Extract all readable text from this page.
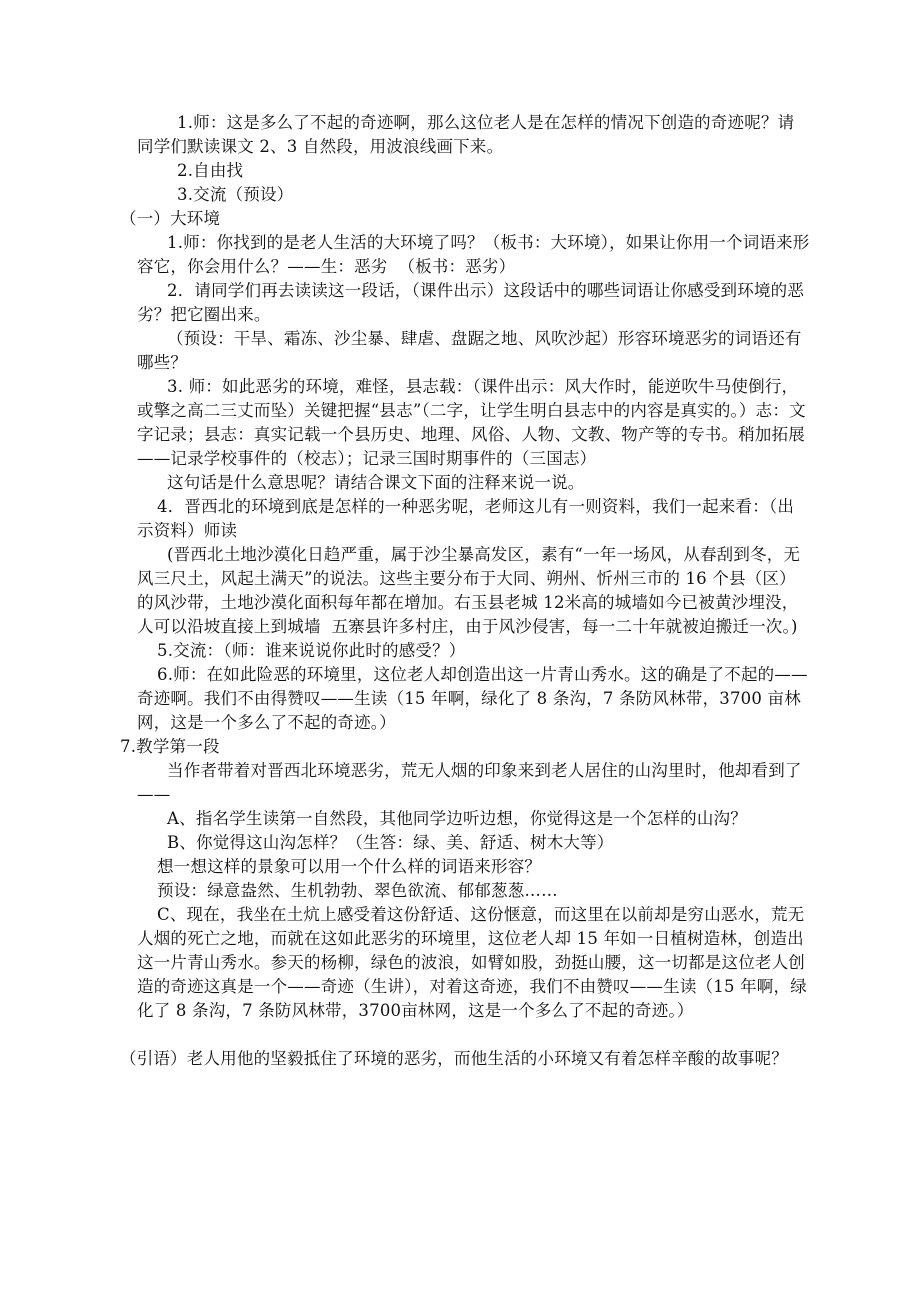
1.师：这是多么了不起的奇迹啊，那么这位老人是在怎样的情况下创造的奇迹呢？请同学们默读课文 2、3 自然段，用波浪线画下来。

2.自由找

3.交流（预设）

（一）大环境

1.师：你找到的是老人生活的大环境了吗？（板书：大环境），如果让你用一个词语来形容它，你会用什么？——生：恶劣  （板书：恶劣）

2．请同学们再去读读这一段话，（课件出示）这段话中的哪些词语让你感受到环境的恶劣？把它圈出来。

（预设：干旱、霜冻、沙尘暴、肆虐、盘踞之地、风吹沙起）形容环境恶劣的词语还有哪些？

3. 师：如此恶劣的环境，难怪，县志载：（课件出示：风大作时，能逆吹牛马使倒行，或擎之高二三丈而坠）关键把握“县志”（二字，让学生明白县志中的内容是真实的。）志：文字记录；县志：真实记载一个县历史、地理、风俗、人物、文教、物产等的专书。稍加拓展——记录学校事件的（校志）；记录三国时期事件的（三国志）

这句话是什么意思呢？请结合课文下面的注释来说一说。

4．晋西北的环境到底是怎样的一种恶劣呢，老师这儿有一则资料，我们一起来看：（出示资料）师读

(晋西北土地沙漠化日趋严重，属于沙尘暴高发区，素有“一年一场风，从春刮到冬，无风三尺土，风起土满天”的说法。这些主要分布于大同、朔州、忻州三市的 16 个县（区）的风沙带，土地沙漠化面积每年都在增加。右玉县老城 12米高的城墙如今已被黄沙埋没，人可以沿坡直接上到城墙  五寨县许多村庄，由于风沙侵害，每一二十年就被迫搬迁一次。)

5.交流：（师：谁来说说你此时的感受？）

6.师：在如此险恶的环境里，这位老人却创造出这一片青山秀水。这的确是了不起的——奇迹啊。我们不由得赞叹——生读（15 年啊，绿化了 8 条沟，7 条防风林带，3700 亩林网，这是一个多么了不起的奇迹。）

7.教学第一段

当作者带着对晋西北环境恶劣，荒无人烟的印象来到老人居住的山沟里时，他却看到了——

A、指名学生读第一自然段，其他同学边听边想，你觉得这是一个怎样的山沟？

B、你觉得这山沟怎样？（生答：绿、美、舒适、树木大等）

想一想这样的景象可以用一个什么样的词语来形容？

预设：绿意盎然、生机勃勃、翠色欲流、郁郁葱葱……

C、现在，我坐在土炕上感受着这份舒适、这份惬意，而这里在以前却是穷山恶水，荒无人烟的死亡之地，而就在这如此恶劣的环境里，这位老人却 15 年如一日植树造林，创造出这一片青山秀水。参天的杨柳，绿色的波浪，如臂如股，劲挺山腰，这一切都是这位老人创造的奇迹这真是一个——奇迹（生讲），对着这奇迹，我们不由赞叹——生读（15 年啊，绿化了 8 条沟，7 条防风林带，3700亩林网，这是一个多么了不起的奇迹。）

（引语）老人用他的坚毅抵住了环境的恶劣，而他生活的小环境又有着怎样辛酸的故事呢？
